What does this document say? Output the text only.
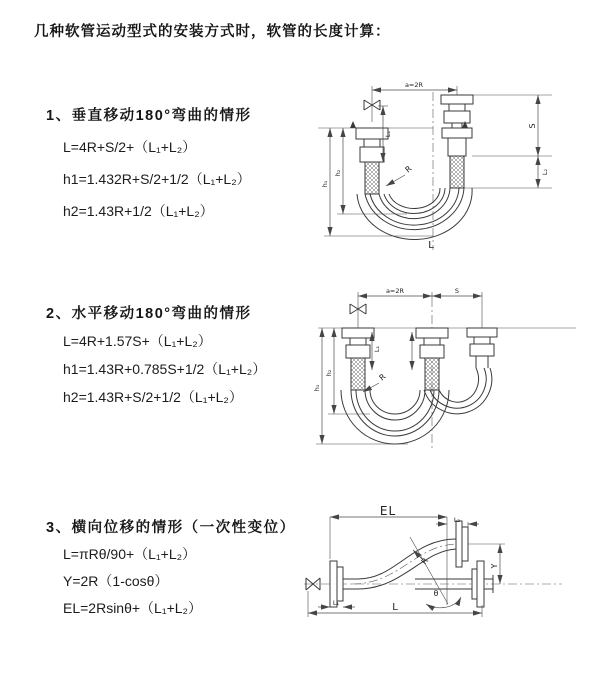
几种软管运动型式的安装方式时，软管的长度计算：
1、垂直移动180°弯曲的情形
L=4R+S/2+（L₁+L₂）
h1=1.432R+S/2+1/2（L₁+L₂）
h2=1.43R+1/2（L₁+L₂）
2、水平移动180°弯曲的情形
L=4R+1.57S+（L₁+L₂）
h1=1.43R+0.785S+1/2（L₁+L₂）
h2=1.43R+S/2+1/2（L₁+L₂）
3、横向位移的情形（一次性变位）
L=πRθ/90+（L₁+L₂）
Y=2R（1-cosθ）
EL=2Rsinθ+（L₁+L₂）
a=2R
h₁
h₂
L₁
S
L₂
R
L
a=2R	S
h₁
h₂
L₁
R
EL
L₂
Y
R
θ
L
L₁
